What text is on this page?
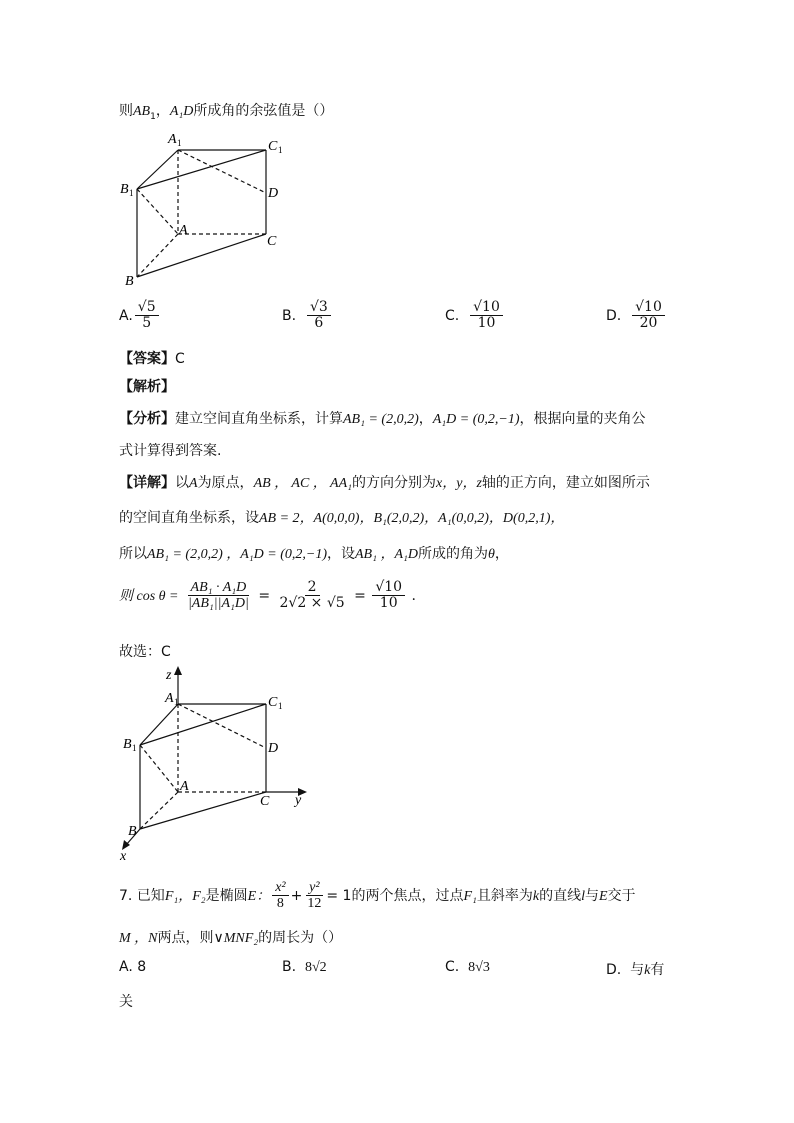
则$AB_1$，A₁D所成角的余弦值是（）
A 1	C 1
B 1	D
A
C
B
A. $\frac{√5}{5}$	B. $\frac{√3}{6}$	C. $\frac{√10}{10}$	D. $\frac{√10}{20}$
【答案】C
【解析】
【分析】建立空间直角坐标系，计算AB₁ = (2,0,2)，A₁D = (0,2,−1)，根据向量的夹角公
式计算得到答案.
【详解】以A为原点，AB ， AC ， AA₁的方向分别为x，y，z轴的正方向，建立如图所示
的空间直角坐标系，设AB = 2，A(0,0,0)，B₁(2,0,2)，A₁(0,0,2)，D(0,2,1)，
所以AB₁ = (2,0,2) ，A₁D = (0,2,−1)，设AB₁ ，A₁D所成的角为θ，
则 $\cos \theta = \frac{\text{AB₁ · A₁D}}{\text{|AB₁||A₁D|}} = \frac{2}{2√2 \times √5} = \frac{√10}{10}$ .
故选：C
z
y
x
A 1	C 1
B 1	D
A
C
B
7. 已知F₁，F₂是椭圆E： $\frac{\text{x²}}{8} + \frac{\text{y²}}{12} = 1$的两个焦点，过点F₁且斜率为k的直线l与E交于
M ，N两点，则∨MNF₂的周长为（）
A. 8	B. 8√2	C. 8√3	D. 与k有
关
